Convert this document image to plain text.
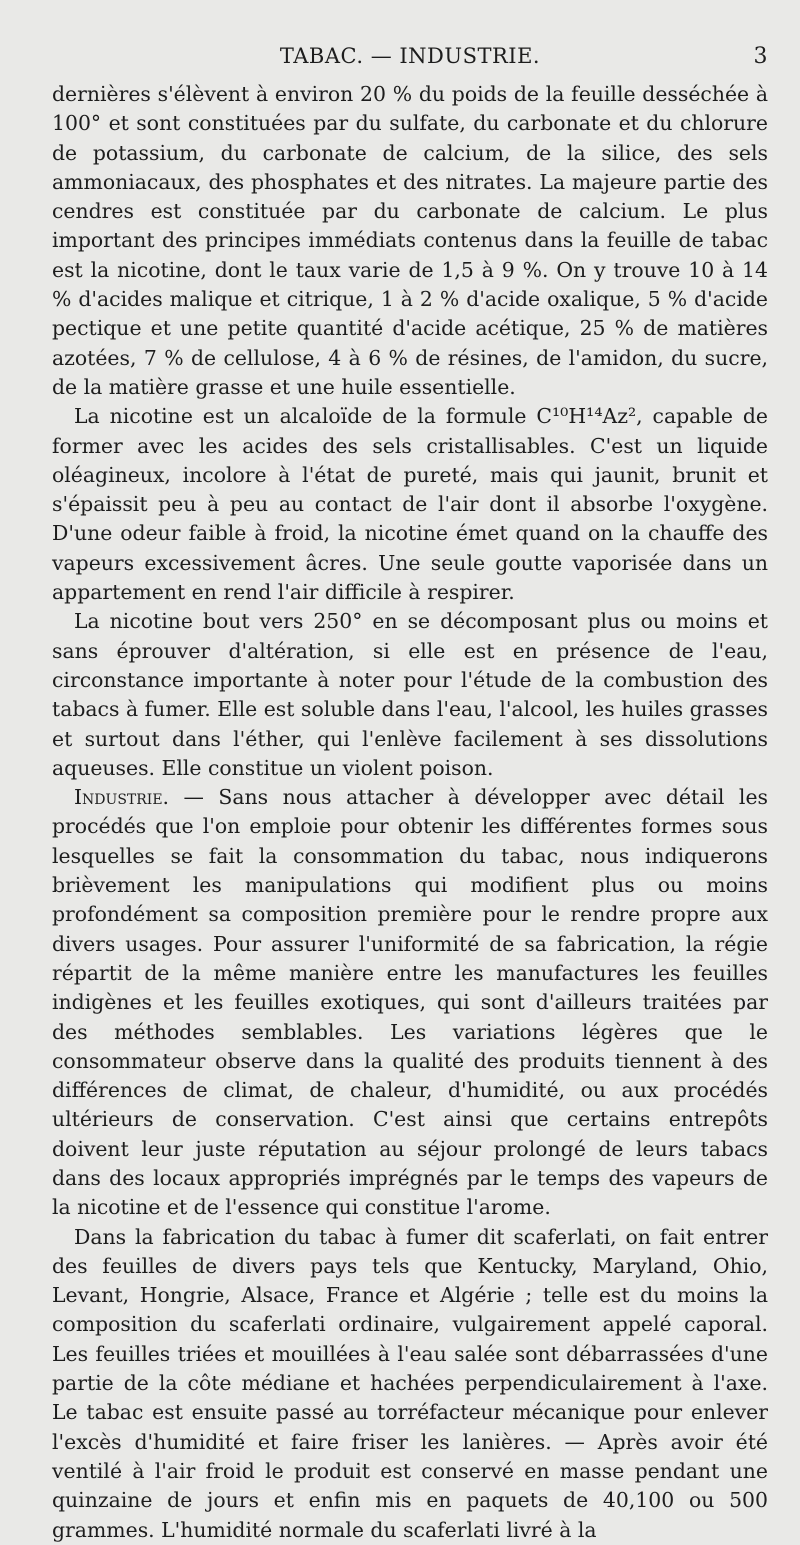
TABAC. — INDUSTRIE.	3

dernières s'élèvent à environ 20 % du poids de la feuille desséchée à 100° et sont constituées par du sulfate, du carbonate et du chlorure de potassium, du carbonate de calcium, de la silice, des sels ammoniacaux, des phosphates et des nitrates. La majeure partie des cendres est constituée par du carbonate de calcium. Le plus important des principes immédiats contenus dans la feuille de tabac est la nicotine, dont le taux varie de 1,5 à 9 %. On y trouve 10 à 14 % d'acides malique et citrique, 1 à 2 % d'acide oxalique, 5 % d'acide pectique et une petite quantité d'acide acétique, 25 % de matières azotées, 7 % de cellulose, 4 à 6 % de résines, de l'amidon, du sucre, de la matière grasse et une huile essentielle.

La nicotine est un alcaloïde de la formule C¹⁰H¹⁴Az², capable de former avec les acides des sels cristallisables. C'est un liquide oléagineux, incolore à l'état de pureté, mais qui jaunit, brunit et s'épaissit peu à peu au contact de l'air dont il absorbe l'oxygène. D'une odeur faible à froid, la nicotine émet quand on la chauffe des vapeurs excessivement âcres. Une seule goutte vaporisée dans un appartement en rend l'air difficile à respirer.

La nicotine bout vers 250° en se décomposant plus ou moins et sans éprouver d'altération, si elle est en présence de l'eau, circonstance importante à noter pour l'étude de la combustion des tabacs à fumer. Elle est soluble dans l'eau, l'alcool, les huiles grasses et surtout dans l'éther, qui l'enlève facilement à ses dissolutions aqueuses. Elle constitue un violent poison.

Industrie. — Sans nous attacher à développer avec détail les procédés que l'on emploie pour obtenir les différentes formes sous lesquelles se fait la consommation du tabac, nous indiquerons brièvement les manipulations qui modifient plus ou moins profondément sa composition première pour le rendre propre aux divers usages. Pour assurer l'uniformité de sa fabrication, la régie répartit de la même manière entre les manufactures les feuilles indigènes et les feuilles exotiques, qui sont d'ailleurs traitées par des méthodes semblables. Les variations légères que le consommateur observe dans la qualité des produits tiennent à des différences de climat, de chaleur, d'humidité, ou aux procédés ultérieurs de conservation. C'est ainsi que certains entrepôts doivent leur juste réputation au séjour prolongé de leurs tabacs dans des locaux appropriés imprégnés par le temps des vapeurs de la nicotine et de l'essence qui constitue l'arome.

Dans la fabrication du tabac à fumer dit scaferlati, on fait entrer des feuilles de divers pays tels que Kentucky, Maryland, Ohio, Levant, Hongrie, Alsace, France et Algérie ; telle est du moins la composition du scaferlati ordinaire, vulgairement appelé caporal. Les feuilles triées et mouillées à l'eau salée sont débarrassées d'une partie de la côte médiane et hachées perpendiculairement à l'axe. Le tabac est ensuite passé au torréfacteur mécanique pour enlever l'excès d'humidité et faire friser les lanières. — Après avoir été ventilé à l'air froid le produit est conservé en masse pendant une quinzaine de jours et enfin mis en paquets de 40,100 ou 500 grammes. L'humidité normale du scaferlati livré à la
